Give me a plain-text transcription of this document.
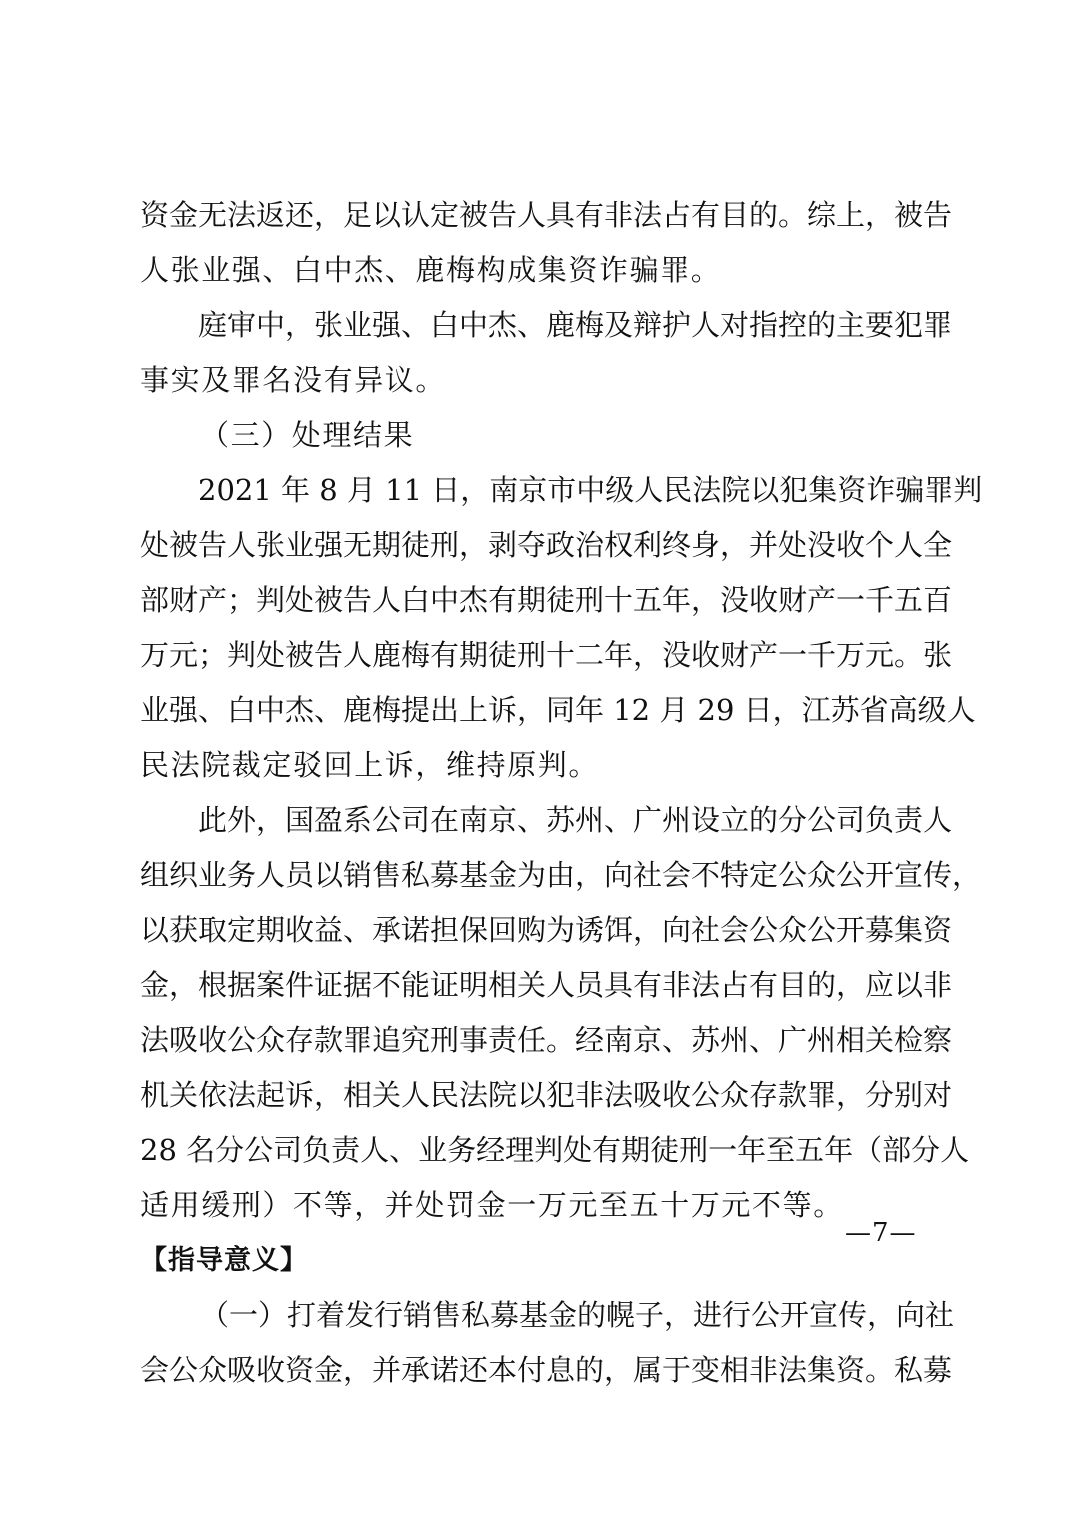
资金无法返还，足以认定被告人具有非法占有目的。综上，被告
人张业强、白中杰、鹿梅构成集资诈骗罪。
庭审中，张业强、白中杰、鹿梅及辩护人对指控的主要犯罪
事实及罪名没有异议。
（三）处理结果
2021 年 8 月 11 日，南京市中级人民法院以犯集资诈骗罪判
处被告人张业强无期徒刑，剥夺政治权利终身，并处没收个人全
部财产；判处被告人白中杰有期徒刑十五年，没收财产一千五百
万元；判处被告人鹿梅有期徒刑十二年，没收财产一千万元。张
业强、白中杰、鹿梅提出上诉，同年 12 月 29 日，江苏省高级人
民法院裁定驳回上诉，维持原判。
此外，国盈系公司在南京、苏州、广州设立的分公司负责人
组织业务人员以销售私募基金为由，向社会不特定公众公开宣传，
以获取定期收益、承诺担保回购为诱饵，向社会公众公开募集资
金，根据案件证据不能证明相关人员具有非法占有目的，应以非
法吸收公众存款罪追究刑事责任。经南京、苏州、广州相关检察
机关依法起诉，相关人民法院以犯非法吸收公众存款罪，分别对
28 名分公司负责人、业务经理判处有期徒刑一年至五年（部分人
适用缓刑）不等，并处罚金一万元至五十万元不等。
【指导意义】
（一）打着发行销售私募基金的幌子，进行公开宣传，向社
会公众吸收资金，并承诺还本付息的，属于变相非法集资。私募
—7—
